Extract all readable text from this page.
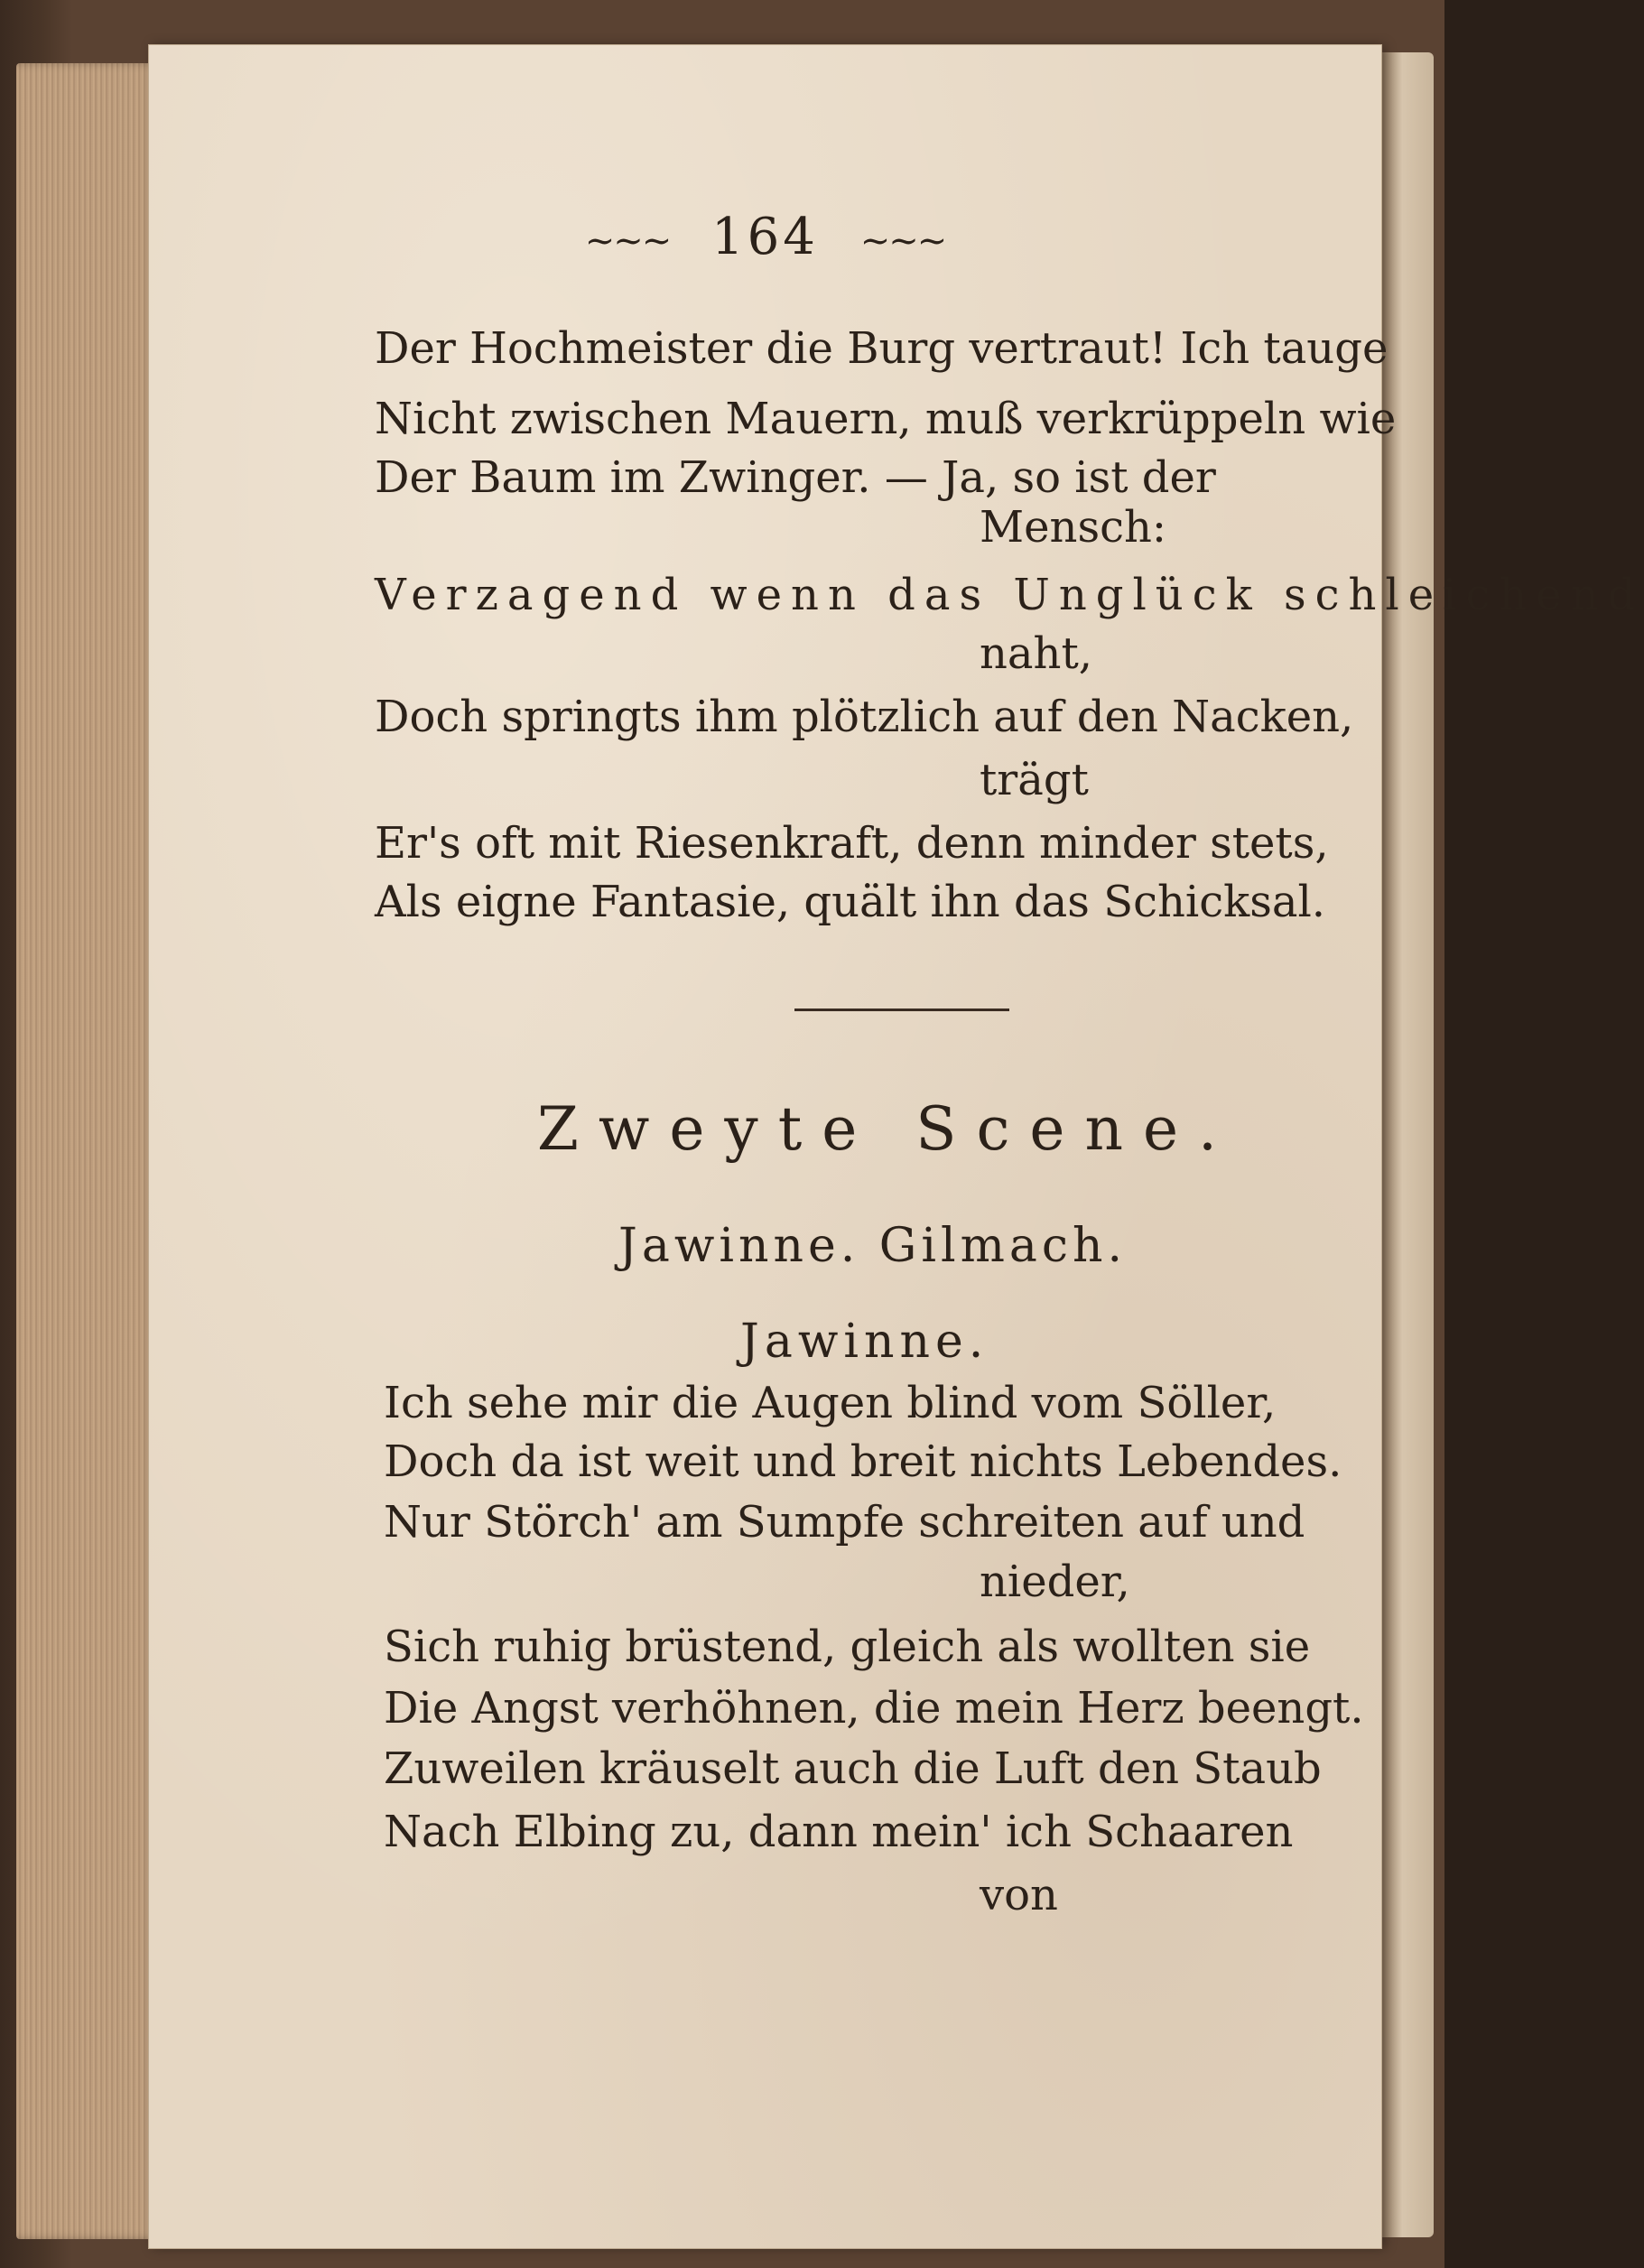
~~~ 164 ~~~
Der Hochmeister die Burg vertraut! Ich tauge
Nicht zwischen Mauern, muß verkrüppeln wie
Der Baum im Zwinger. — Ja, so ist der
Mensch:
Verzagend wenn das Unglück schleichend
naht,
Doch springts ihm plötzlich auf den Nacken,
trägt
Er's oft mit Riesenkraft, denn minder stets,
Als eigne Fantasie, quält ihn das Schicksal.
Zweyte Scene.
Jawinne. Gilmach.
Jawinne.
Ich sehe mir die Augen blind vom Söller,
Doch da ist weit und breit nichts Lebendes.
Nur Störch' am Sumpfe schreiten auf und
nieder,
Sich ruhig brüstend, gleich als wollten sie
Die Angst verhöhnen, die mein Herz beengt.
Zuweilen kräuselt auch die Luft den Staub
Nach Elbing zu, dann mein' ich Schaaren
von
